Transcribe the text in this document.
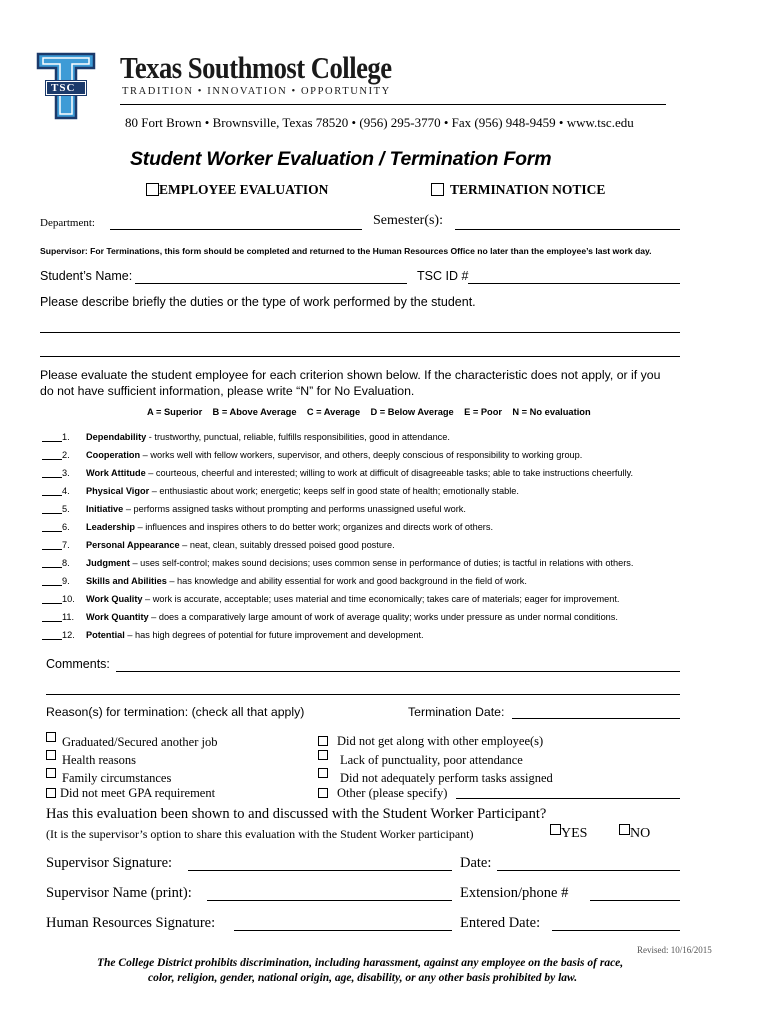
TSC
Texas Southmost College
TRADITION • INNOVATION • OPPORTUNITY
80 Fort Brown • Brownsville, Texas 78520 • (956) 295-3770 • Fax (956) 948-9459 • www.tsc.edu
Student Worker Evaluation / Termination Form
EMPLOYEE EVALUATION	TERMINATION NOTICE
Department:	Semester(s):
Supervisor: For Terminations, this form should be completed and returned to the Human Resources Office no later than the employee’s last work day.
Student’s Name:	TSC ID #
Please describe briefly the duties or the type of work performed by the student.
Please evaluate the student employee for each criterion shown below. If the characteristic does not apply, or if you
do not have sufficient information, please write “N” for No Evaluation.
A = Superior    B = Above Average    C = Average    D = Below Average    E = Poor    N = No evaluation
1. Dependability - trustworthy, punctual, reliable, fulfills responsibilities, good in attendance.
2. Cooperation – works well with fellow workers, supervisor, and others, deeply conscious of responsibility to working group.
3. Work Attitude – courteous, cheerful and interested; willing to work at difficult of disagreeable tasks; able to take instructions cheerfully.
4. Physical Vigor – enthusiastic about work; energetic; keeps self in good state of health; emotionally stable.
5. Initiative – performs assigned tasks without prompting and performs unassigned useful work.
6. Leadership – influences and inspires others to do better work; organizes and directs work of others.
7. Personal Appearance – neat, clean, suitably dressed poised good posture.
8. Judgment – uses self-control; makes sound decisions; uses common sense in performance of duties; is tactful in relations with others.
9. Skills and Abilities – has knowledge and ability essential for work and good background in the field of work.
10. Work Quality – work is accurate, acceptable; uses material and time economically; takes care of materials; eager for improvement.
11. Work Quantity – does a comparatively large amount of work of average quality; works under pressure as under normal conditions.
12. Potential – has high degrees of potential for future improvement and development.
Comments:
Reason(s) for termination: (check all that apply)	Termination Date:
Graduated/Secured another job
Health reasons
Family circumstances
Did not meet GPA requirement
Did not get along with other employee(s)
Lack of punctuality, poor attendance
Did not adequately perform tasks assigned
Other (please specify)
Has this evaluation been shown to and discussed with the Student Worker Participant?
(It is the supervisor’s option to share this evaluation with the Student Worker participant)	YES	NO
Supervisor Signature:	Date:
Supervisor Name (print):	Extension/phone #
Human Resources Signature:	Entered Date:
Revised: 10/16/2015
The College District prohibits discrimination, including harassment, against any employee on the basis of race,
color, religion, gender, national origin, age, disability, or any other basis prohibited by law.
